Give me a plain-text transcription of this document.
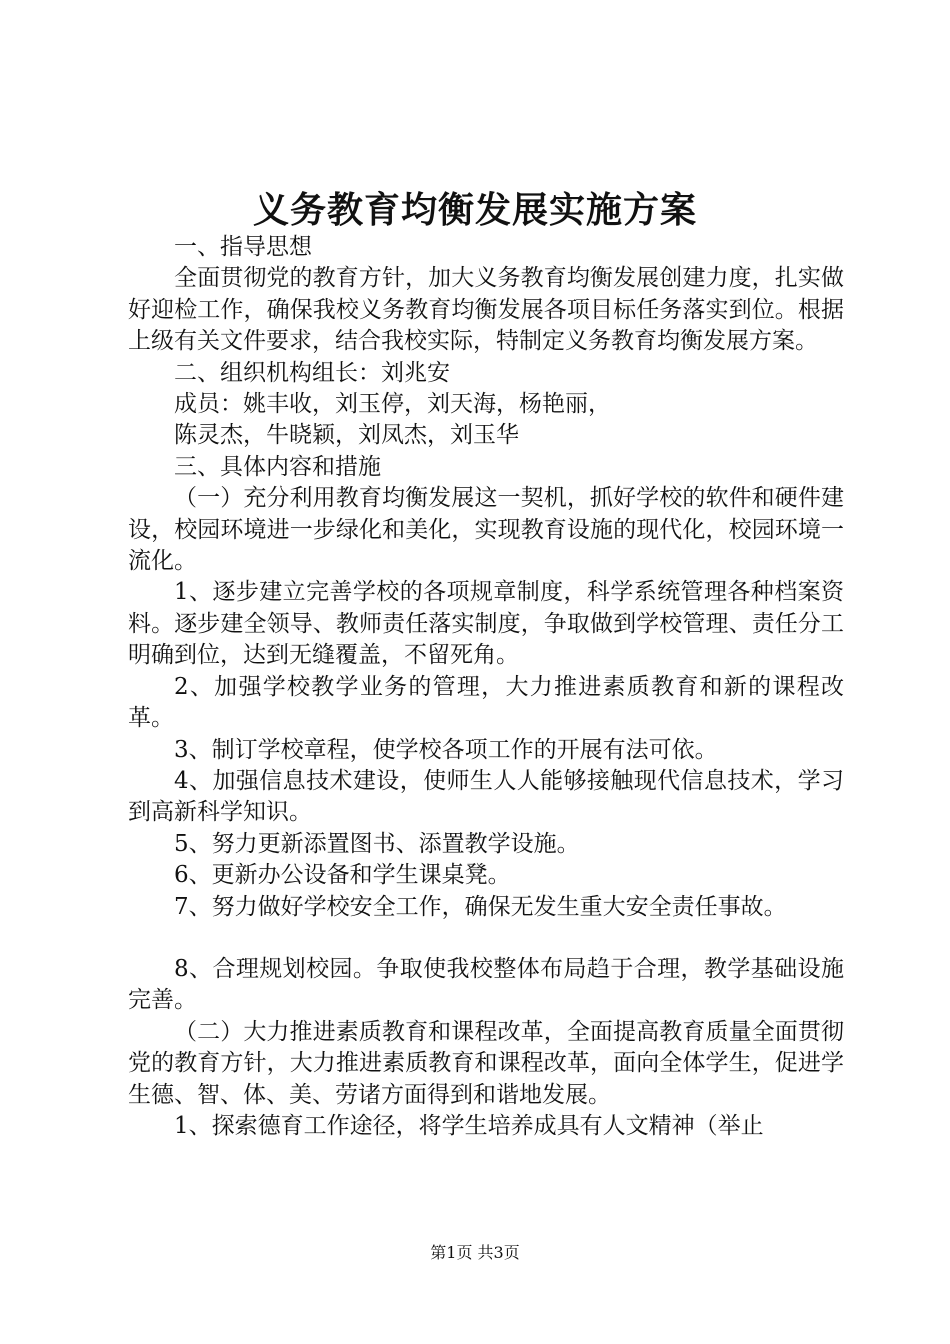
义务教育均衡发展实施方案

一、指导思想

全面贯彻党的教育方针，加大义务教育均衡发展创建力度，扎实做好迎检工作，确保我校义务教育均衡发展各项目标任务落实到位。根据上级有关文件要求，结合我校实际，特制定义务教育均衡发展方案。

二、组织机构组长：刘兆安

成员：姚丰收，刘玉停，刘天海，杨艳丽，

陈灵杰，牛晓颖，刘凤杰，刘玉华

三、具体内容和措施

（一）充分利用教育均衡发展这一契机，抓好学校的软件和硬件建设，校园环境进一步绿化和美化，实现教育设施的现代化，校园环境一流化。

1、逐步建立完善学校的各项规章制度，科学系统管理各种档案资料。逐步建全领导、教师责任落实制度，争取做到学校管理、责任分工明确到位，达到无缝覆盖，不留死角。

2、加强学校教学业务的管理，大力推进素质教育和新的课程改革。

3、制订学校章程，使学校各项工作的开展有法可依。

4、加强信息技术建设，使师生人人能够接触现代信息技术，学习到高新科学知识。

5、努力更新添置图书、添置教学设施。

6、更新办公设备和学生课桌凳。

7、努力做好学校安全工作，确保无发生重大安全责任事故。

8、合理规划校园。争取使我校整体布局趋于合理，教学基础设施完善。

（二）大力推进素质教育和课程改革，全面提高教育质量全面贯彻党的教育方针，大力推进素质教育和课程改革，面向全体学生，促进学生德、智、体、美、劳诸方面得到和谐地发展。

1、探索德育工作途径，将学生培养成具有人文精神（举止

第1页 共3页
